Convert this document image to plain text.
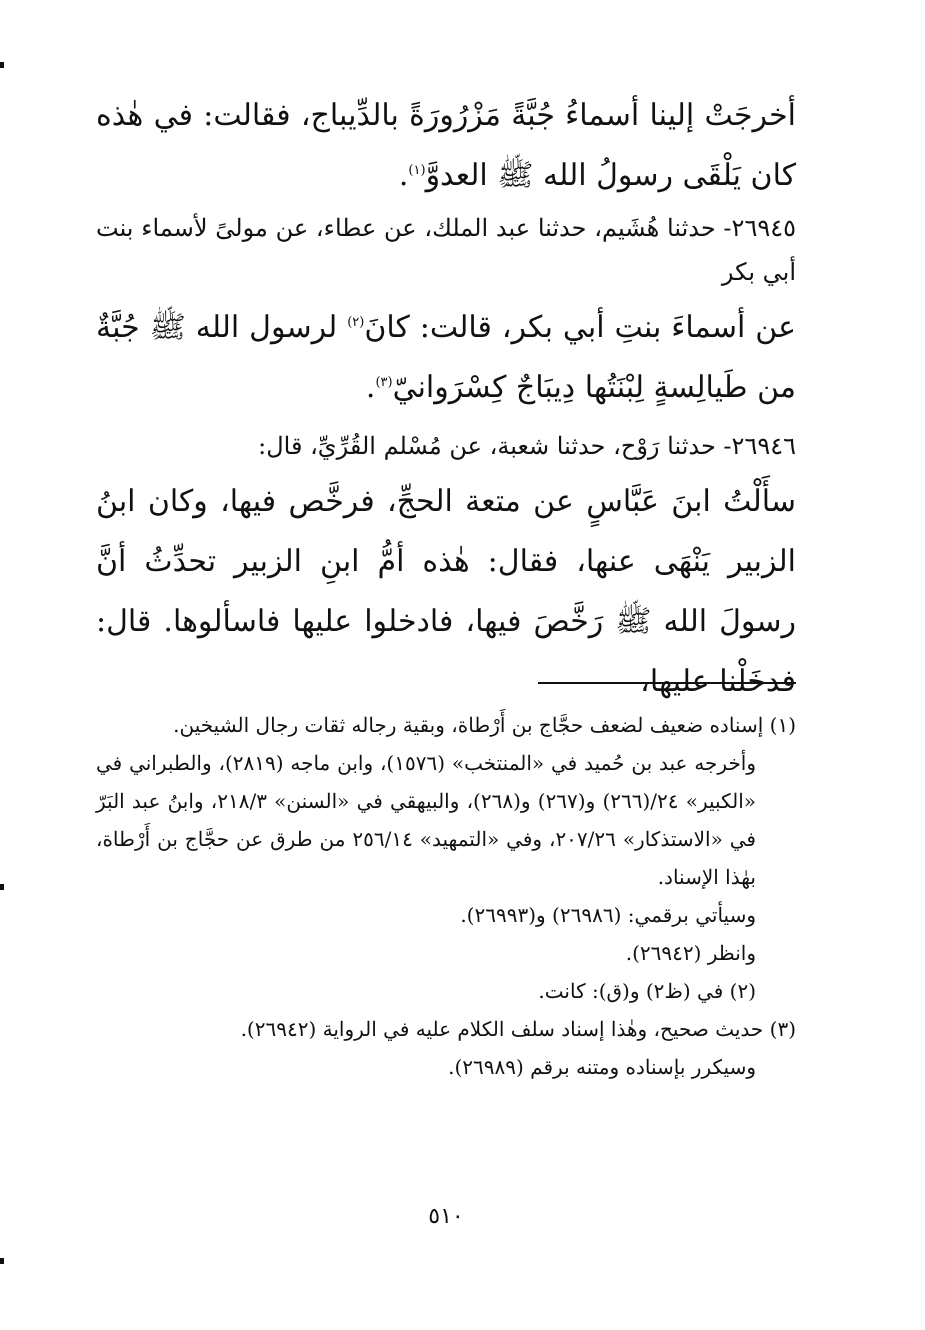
أخرجَتْ إلينا أسماءُ جُبَّةً مَزْرُورَةً بالدِّيباج، فقالت: في هٰذه كان يَلْقَى رسولُ الله ﷺ العدوَّ$^{(١)}$.

٢٦٩٤٥- حدثنا هُشَيم، حدثنا عبد الملك، عن عطاء، عن مولىً لأسماء بنت أبي بكر

عن أسماءَ بنتِ أبي بكر، قالت: كانَ$^{(٢)}$ لرسول الله ﷺ جُبَّةٌ من طَيالِسةٍ لِبْنَتُها دِيبَاجٌ كِسْرَوانيّ$^{(٣)}$.

٢٦٩٤٦- حدثنا رَوْح، حدثنا شعبة، عن مُسْلم القُرِّيِّ، قال:

سأَلْتُ ابنَ عَبَّاسٍ عن متعة الحجِّ، فرخَّص فيها، وكان ابنُ الزبير يَنْهَى عنها، فقال: هٰذه أمُّ ابنِ الزبير تحدِّثُ أنَّ رسولَ الله ﷺ رَخَّصَ فيها، فادخلوا عليها فاسألوها. قال: فدخَلْنا عليها،

(١) إسناده ضعيف لضعف حجَّاج بن أَرْطاة، وبقية رجاله ثقات رجال الشيخين.

وأخرجه عبد بن حُميد في «المنتخب» (١٥٧٦)، وابن ماجه (٢٨١٩)، والطبراني في «الكبير» ٢٤/(٢٦٦) و(٢٦٧) و(٢٦٨)، والبيهقي في «السنن» ٢١٨/٣، وابنُ عبد البَرّ في «الاستذكار» ٢٠٧/٢٦، وفي «التمهيد» ٢٥٦/١٤ من طرق عن حجَّاج بن أَرْطاة، بهٰذا الإسناد.

وسيأتي برقمي: (٢٦٩٨٦) و(٢٦٩٩٣).

وانظر (٢٦٩٤٢).

(٢) في (ظ٢) و(ق): كانت.

(٣) حديث صحيح، وهٰذا إسناد سلف الكلام عليه في الرواية (٢٦٩٤٢).

وسيكرر بإسناده ومتنه برقم (٢٦٩٨٩).

٥١٠
